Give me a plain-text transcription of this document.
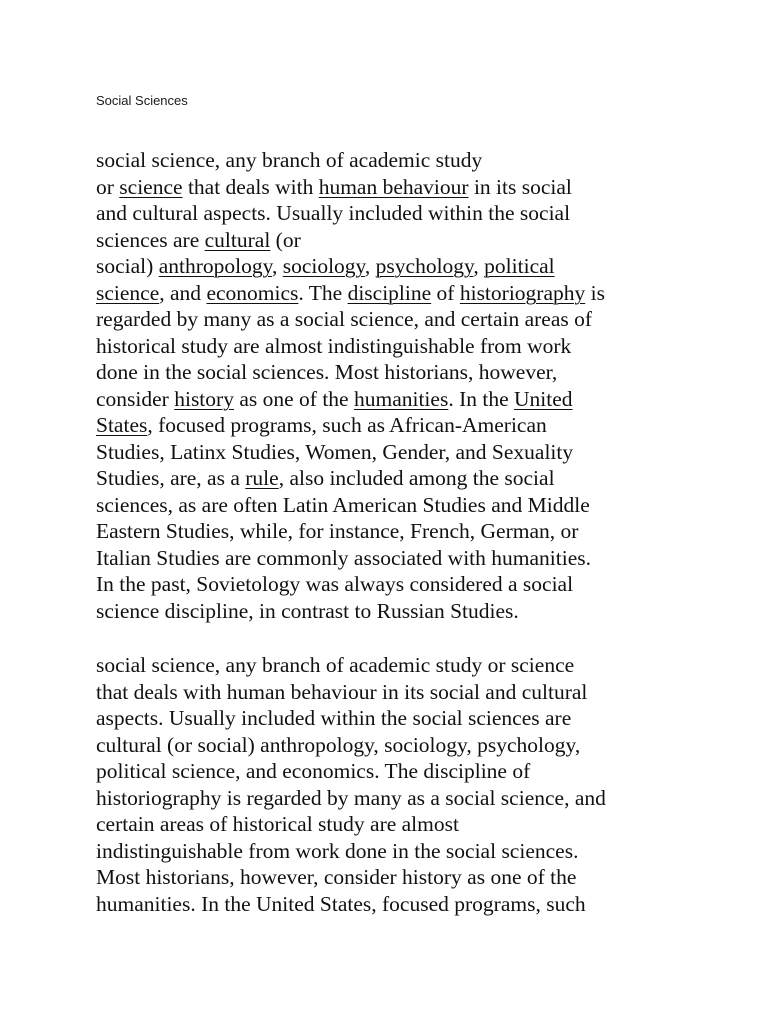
Social Sciences
social science, any branch of academic study
or science that deals with human behaviour in its social
and cultural aspects. Usually included within the social
sciences are cultural (or
social) anthropology, sociology, psychology, political
science, and economics. The discipline of historiography is
regarded by many as a social science, and certain areas of
historical study are almost indistinguishable from work
done in the social sciences. Most historians, however,
consider history as one of the humanities. In the United
States, focused programs, such as African-American
Studies, Latinx Studies, Women, Gender, and Sexuality
Studies, are, as a rule, also included among the social
sciences, as are often Latin American Studies and Middle
Eastern Studies, while, for instance, French, German, or
Italian Studies are commonly associated with humanities.
In the past, Sovietology was always considered a social
science discipline, in contrast to Russian Studies.
social science, any branch of academic study or science
that deals with human behaviour in its social and cultural
aspects. Usually included within the social sciences are
cultural (or social) anthropology, sociology, psychology,
political science, and economics. The discipline of
historiography is regarded by many as a social science, and
certain areas of historical study are almost
indistinguishable from work done in the social sciences.
Most historians, however, consider history as one of the
humanities. In the United States, focused programs, such
